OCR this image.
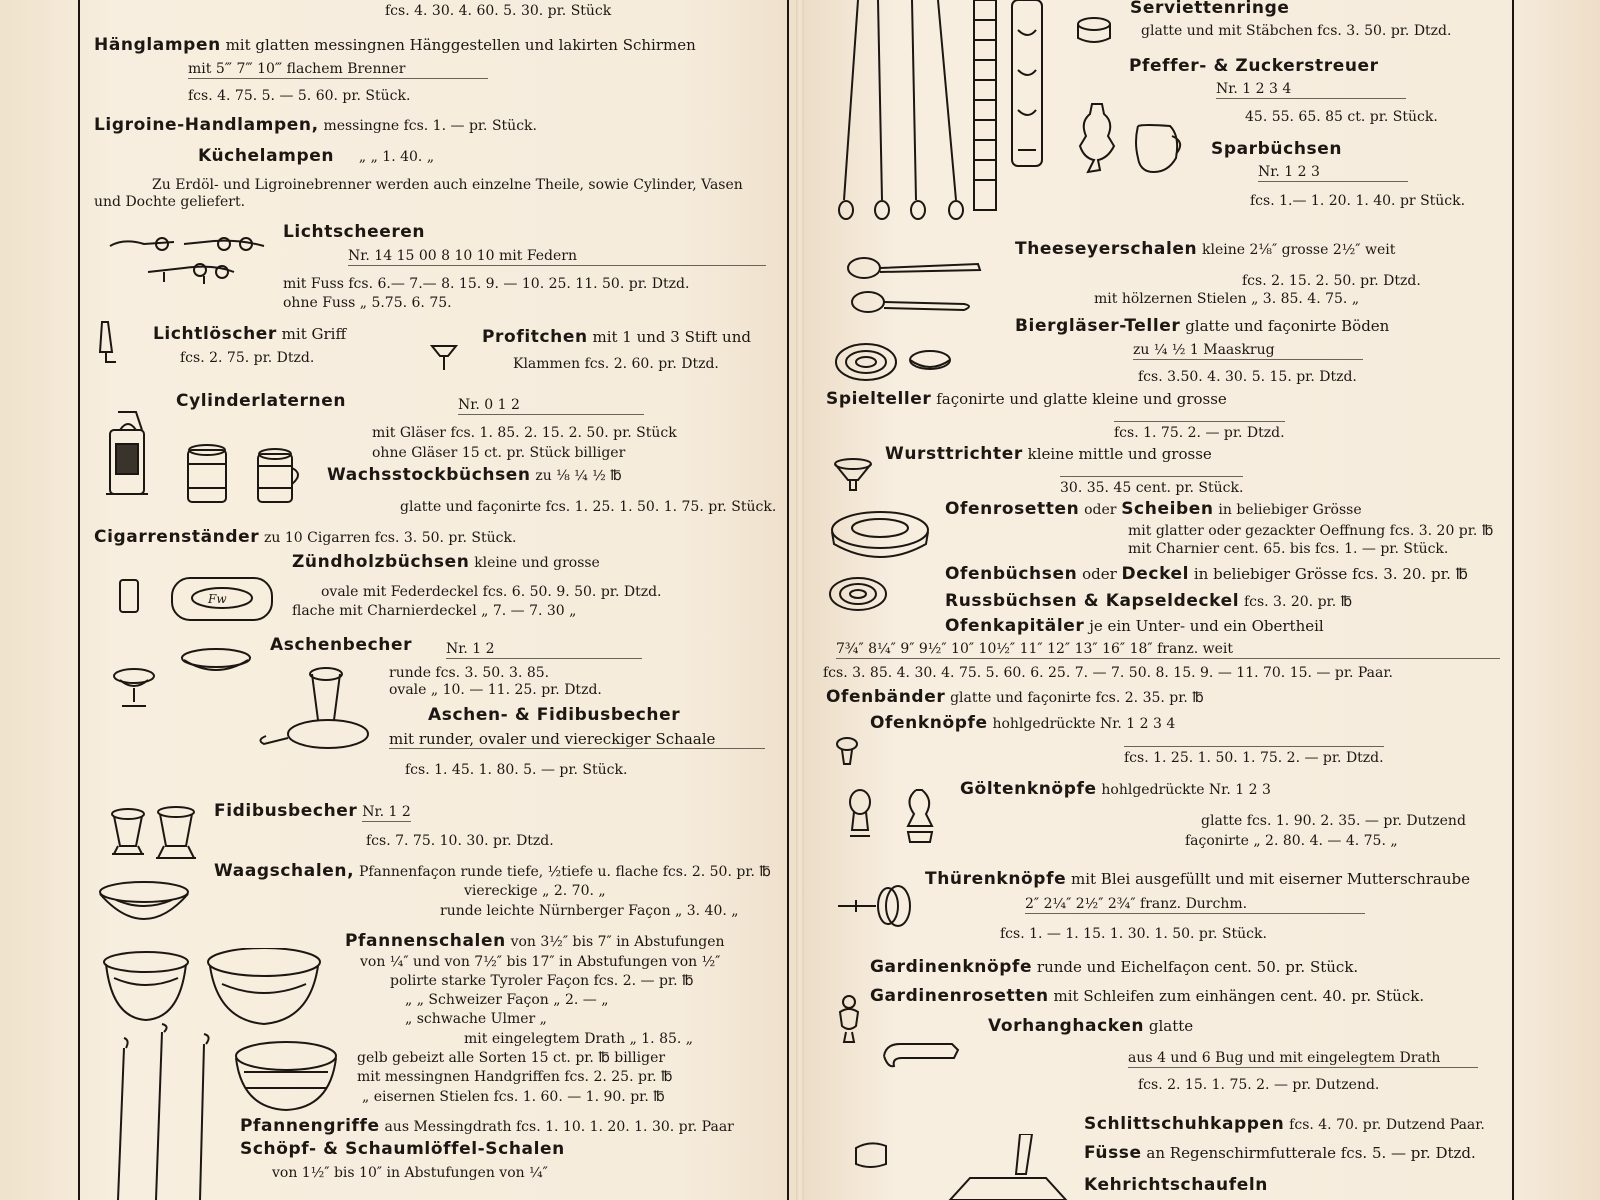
fcs. 4. 30. 4. 60. 5. 30. pr. Stück
Hänglampen mit glatten messingnen Hänggestellen und lakirten Schirmen
mit 5‴ 7‴ 10‴ flachem Brenner
fcs. 4. 75. 5. — 5. 60. pr. Stück.
Ligroine-Handlampen, messingne fcs. 1. — pr. Stück.
Küchelampen „ „ 1. 40. „
Zu Erdöl- und Ligroinebrenner werden auch einzelne Theile, sowie Cylinder, Vasen
und Dochte geliefert.
Lichtscheeren
Nr. 14 15 00 8 10 10 mit Federn
mit Fuss fcs. 6.— 7.— 8. 15. 9. — 10. 25. 11. 50. pr. Dtzd.
ohne Fuss „ 5.75. 6. 75.
Lichtlöscher mit Griff
fcs. 2. 75. pr. Dtzd.
Profitchen mit 1 und 3 Stift und
Klammen fcs. 2. 60. pr. Dtzd.
Cylinderlaternen	Nr. 0 1 2
mit Gläser fcs. 1. 85. 2. 15. 2. 50. pr. Stück
ohne Gläser 15 ct. pr. Stück billiger
Wachsstockbüchsen zu ⅛ ¼ ½ ℔
glatte und façonirte fcs. 1. 25. 1. 50. 1. 75. pr. Stück.
Cigarrenständer zu 10 Cigarren fcs. 3. 50. pr. Stück.
Zündholzbüchsen kleine und grosse
ovale mit Federdeckel fcs. 6. 50. 9. 50. pr. Dtzd.
flache mit Charnierdeckel „ 7. — 7. 30 „
Fw
Aschenbecher Nr. 1 2
runde fcs. 3. 50. 3. 85.
ovale „ 10. — 11. 25. pr. Dtzd.
Aschen- & Fidibusbecher
mit runder, ovaler und viereckiger Schaale
fcs. 1. 45. 1. 80. 5. — pr. Stück.
Fidibusbecher Nr. 1 2
fcs. 7. 75. 10. 30. pr. Dtzd.
Waagschalen, Pfannenfaçon runde tiefe, ½tiefe u. flache fcs. 2. 50. pr. ℔
viereckige „ 2. 70. „
runde leichte Nürnberger Façon „ 3. 40. „
Pfannenschalen von 3½″ bis 7″ in Abstufungen
von ¼″ und von 7½″ bis 17″ in Abstufungen von ½″
polirte starke Tyroler Façon fcs. 2. — pr. ℔
„ „ Schweizer Façon „ 2. — „
„ schwache Ulmer „
mit eingelegtem Drath „ 1. 85. „
gelb gebeizt alle Sorten 15 ct. pr. ℔ billiger
mit messingnen Handgriffen fcs. 2. 25. pr. ℔
„ eisernen Stielen fcs. 1. 60. — 1. 90. pr. ℔
Pfannengriffe aus Messingdrath fcs. 1. 10. 1. 20. 1. 30. pr. Paar
Schöpf- & Schaumlöffel-Schalen
von 1½″ bis 10″ in Abstufungen von ¼″
Serviettenringe
glatte und mit Stäbchen fcs. 3. 50. pr. Dtzd.
Pfeffer- & Zuckerstreuer
Nr. 1 2 3 4
45. 55. 65. 85 ct. pr. Stück.
Sparbüchsen
Nr. 1 2 3
fcs. 1.— 1. 20. 1. 40. pr Stück.
Theeseyerschalen kleine 2⅛″ grosse 2½″ weit
fcs. 2. 15. 2. 50. pr. Dtzd.
mit hölzernen Stielen „ 3. 85. 4. 75. „
Biergläser-Teller glatte und façonirte Böden
zu ¼ ½ 1 Maaskrug
fcs. 3.50. 4. 30. 5. 15. pr. Dtzd.
Spielteller façonirte und glatte kleine und grosse
fcs. 1. 75. 2. — pr. Dtzd.
Wursttrichter kleine mittle und grosse
30. 35. 45 cent. pr. Stück.
Ofenrosetten oder Scheiben in beliebiger Grösse
mit glatter oder gezackter Oeffnung fcs. 3. 20 pr. ℔
mit Charnier cent. 65. bis fcs. 1. — pr. Stück.
Ofenbüchsen oder Deckel in beliebiger Grösse fcs. 3. 20. pr. ℔
Russbüchsen & Kapseldeckel fcs. 3. 20. pr. ℔
Ofenkapitäler je ein Unter- und ein Obertheil
7¾″ 8¼″ 9″ 9½″ 10″ 10½″ 11″ 12″ 13″ 16″ 18″ franz. weit
fcs. 3. 85. 4. 30. 4. 75. 5. 60. 6. 25. 7. — 7. 50. 8. 15. 9. — 11. 70. 15. — pr. Paar.
Ofenbänder glatte und façonirte fcs. 2. 35. pr. ℔
Ofenknöpfe hohlgedrückte Nr. 1 2 3 4
fcs. 1. 25. 1. 50. 1. 75. 2. — pr. Dtzd.
Göltenknöpfe hohlgedrückte Nr. 1 2 3
glatte fcs. 1. 90. 2. 35. — pr. Dutzend
façonirte „ 2. 80. 4. — 4. 75. „
Thürenknöpfe mit Blei ausgefüllt und mit eiserner Mutterschraube
2″ 2¼″ 2½″ 2¾″ franz. Durchm.
fcs. 1. — 1. 15. 1. 30. 1. 50. pr. Stück.
Gardinenknöpfe runde und Eichelfaçon cent. 50. pr. Stück.
Gardinenrosetten mit Schleifen zum einhängen cent. 40. pr. Stück.
Vorhanghacken glatte
aus 4 und 6 Bug und mit eingelegtem Drath
fcs. 2. 15. 1. 75. 2. — pr. Dutzend.
Schlittschuhkappen fcs. 4. 70. pr. Dutzend Paar.
Füsse an Regenschirmfutterale fcs. 5. — pr. Dtzd.
Kehrichtschaufeln
